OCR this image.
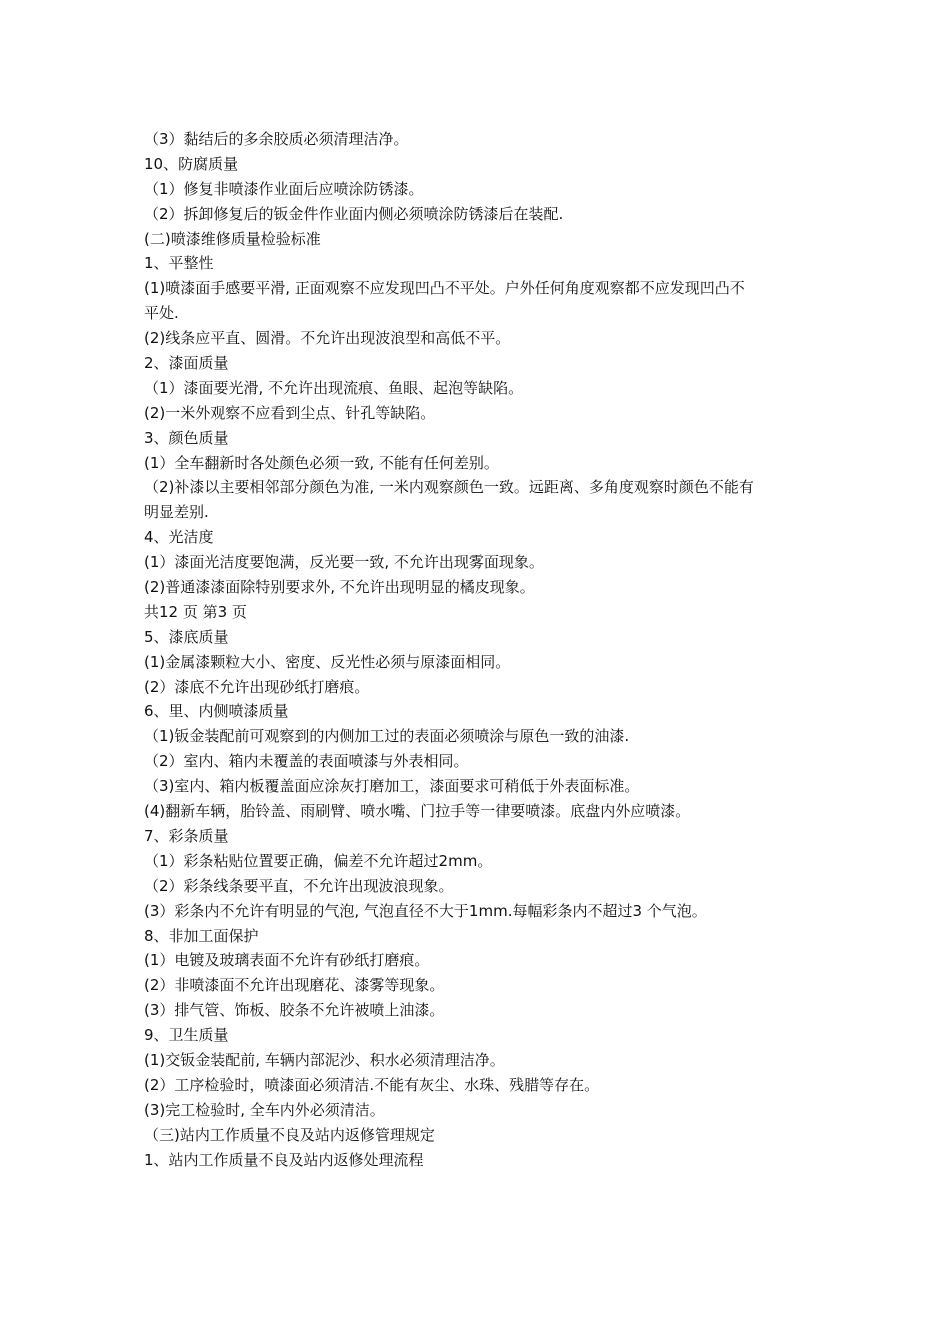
（3）黏结后的多余胶质必须清理洁净。
10、防腐质量
（1）修复非喷漆作业面后应喷涂防锈漆。
（2）拆卸修复后的钣金件作业面内侧必须喷涂防锈漆后在装配.
(二)喷漆维修质量检验标准
1、平整性
(1)喷漆面手感要平滑, 正面观察不应发现凹凸不平处。户外任何角度观察都不应发现凹凸不
平处.
(2)线条应平直、圆滑。不允许出现波浪型和高低不平。
2、漆面质量
（1）漆面要光滑, 不允许出现流痕、鱼眼、起泡等缺陷。
(2)一米外观察不应看到尘点、针孔等缺陷。
3、颜色质量
(1）全车翻新时各处颜色必须一致, 不能有任何差别。
（2)补漆以主要相邻部分颜色为准, 一米内观察颜色一致。远距离、多角度观察时颜色不能有
明显差别.
4、光洁度
(1）漆面光洁度要饱满，反光要一致, 不允许出现雾面现象。
(2)普通漆漆面除特别要求外, 不允许出现明显的橘皮现象。
共12 页 第3 页
5、漆底质量
(1)金属漆颗粒大小、密度、反光性必须与原漆面相同。
(2）漆底不允许出现砂纸打磨痕。
6、里、内侧喷漆质量
（1)钣金装配前可观察到的内侧加工过的表面必须喷涂与原色一致的油漆.
（2）室内、箱内未覆盖的表面喷漆与外表相同。
（3)室内、箱内板覆盖面应涂灰打磨加工，漆面要求可稍低于外表面标准。
(4)翻新车辆，胎铃盖、雨刷臂、喷水嘴、门拉手等一律要喷漆。底盘内外应喷漆。
7、彩条质量
（1）彩条粘贴位置要正确，偏差不允许超过2mm。
（2）彩条线条要平直，不允许出现波浪现象。
(3）彩条内不允许有明显的气泡, 气泡直径不大于1mm.每幅彩条内不超过3 个气泡。
8、非加工面保护
(1）电镀及玻璃表面不允许有砂纸打磨痕。
(2）非喷漆面不允许出现磨花、漆雾等现象。
(3）排气管、饰板、胶条不允许被喷上油漆。
9、卫生质量
(1)交钣金装配前, 车辆内部泥沙、积水必须清理洁净。
(2）工序检验时，喷漆面必须清洁.不能有灰尘、水珠、残腊等存在。
(3)完工检验时, 全车内外必须清洁。
（三)站内工作质量不良及站内返修管理规定
1、站内工作质量不良及站内返修处理流程
